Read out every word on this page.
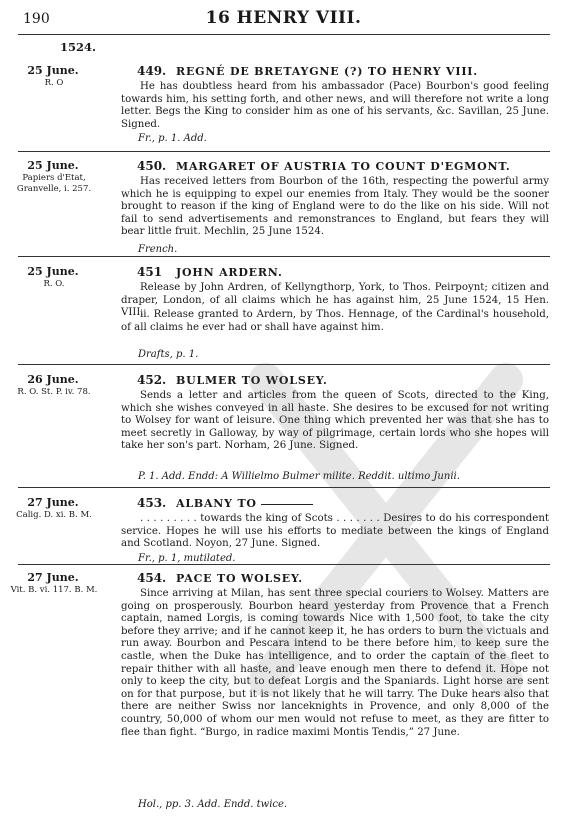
190	16 HENRY VIII.
1524.
25 June.
R. O
449. REGNÉ DE BRETAYGNE (?) TO HENRY VIII.

He has doubtless heard from his ambassador (Pace) Bourbon's good feeling towards him, his setting forth, and other news, and will therefore not write a long letter. Begs the King to consider him as one of his servants, &c. Savillan, 25 June. Signed.

Fr., p. 1. Add.
25 June.
Papiers d'Etat, Granvelle, i. 257.
450. MARGARET OF AUSTRIA TO COUNT D'EGMONT.

Has received letters from Bourbon of the 16th, respecting the powerful army which he is equipping to expel our enemies from Italy. They would be the sooner brought to reason if the king of England were to do the like on his side. Will not fail to send advertisements and remonstrances to England, but fears they will bear little fruit. Mechlin, 25 June 1524.

French.
25 June.
R. O.
451 JOHN ARDERN.

Release by John Ardren, of Kellyngthorp, York, to Thos. Peirpoynt; citizen and draper, London, of all claims which he has against him, 25 June 1524, 15 Hen. VIII.

ii. Release granted to Ardern, by Thos. Hennage, of the Cardinal's household, of all claims he ever had or shall have against him.

Drafts, p. 1.
26 June.
R. O. St. P. iv. 78.
452. BULMER TO WOLSEY.

Sends a letter and articles from the queen of Scots, directed to the King, which she wishes conveyed in all haste. She desires to be excused for not writing to Wolsey for want of leisure. One thing which prevented her was that she has to meet secretly in Galloway, by way of pilgrimage, certain lords who she hopes will take her son's part. Norham, 26 June. Signed.

P. 1. Add. Endd: A Willielmo Bulmer milite. Reddit. ultimo Junii.
27 June.
Calig. D. xi. B. M.
453. ALBANY TO

. . . . . . . . . towards the king of Scots . . . . . . . Desires to do his correspondent service. Hopes he will use his efforts to mediate between the kings of England and Scotland. Noyon, 27 June. Signed.

Fr., p. 1, mutilated.
27 June.
Vit. B. vi. 117. B. M.
454. PACE TO WOLSEY.

Since arriving at Milan, has sent three special couriers to Wolsey. Matters are going on prosperously. Bourbon heard yesterday from Provence that a French captain, named Lorgis, is coming towards Nice with 1,500 foot, to take the city before they arrive; and if he cannot keep it, he has orders to burn the victuals and run away. Bourbon and Pescara intend to be there before him, to keep sure the castle, when the Duke has intelligence, and to order the captain of the fleet to repair thither with all haste, and leave enough men there to defend it. Hope not only to keep the city, but to defeat Lorgis and the Spaniards. Light horse are sent on for that purpose, but it is not likely that he will tarry. The Duke hears also that there are neither Swiss nor lanceknights in Provence, and only 8,000 of the country, 50,000 of whom our men would not refuse to meet, as they are fitter to flee than fight. “Burgo, in radice maximi Montis Tendis,” 27 June.

Hol., pp. 3. Add. Endd. twice.
